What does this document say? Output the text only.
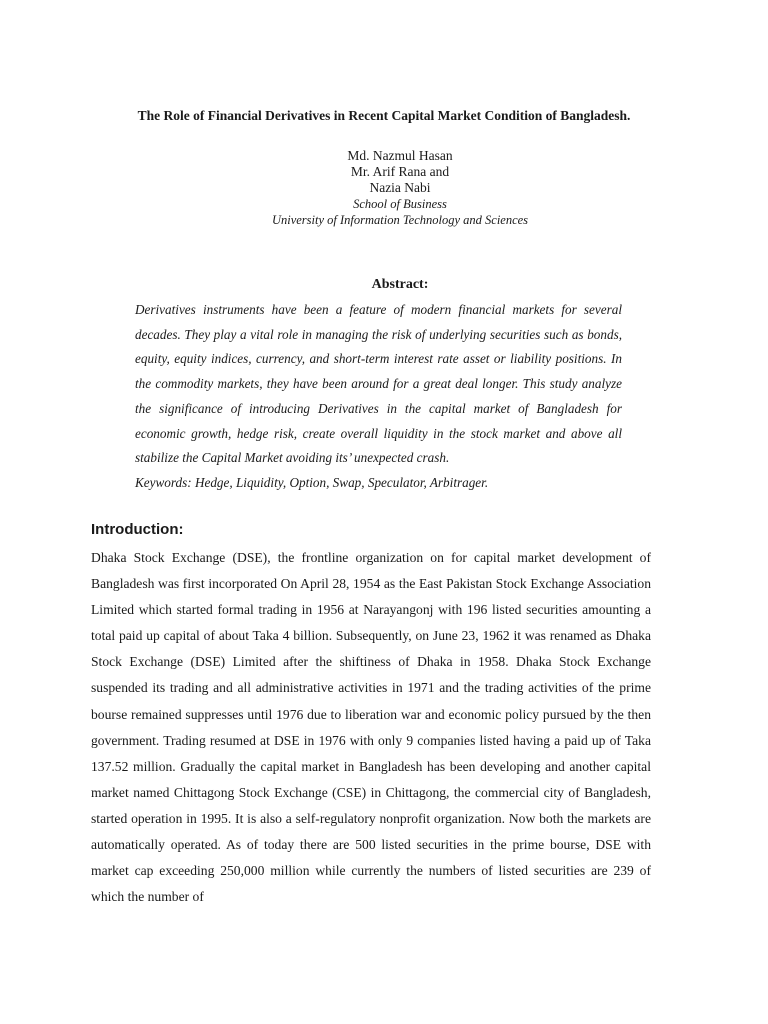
The Role of Financial Derivatives in Recent Capital Market Condition of Bangladesh.
Md. Nazmul Hasan
Mr. Arif Rana and
Nazia Nabi
School of Business
University of Information Technology and Sciences
Abstract:

Derivatives instruments have been a feature of modern financial markets for several decades. They play a vital role in managing the risk of underlying securities such as bonds, equity, equity indices, currency, and short-term interest rate asset or liability positions. In the commodity markets, they have been around for a great deal longer. This study analyze the significance of introducing Derivatives in the capital market of Bangladesh for economic growth, hedge risk, create overall liquidity in the stock market and above all stabilize the Capital Market avoiding its’ unexpected crash.

Keywords: Hedge, Liquidity, Option, Swap, Speculator, Arbitrager.

Introduction:

Dhaka Stock Exchange (DSE), the frontline organization on for capital market development of Bangladesh was first incorporated On April 28, 1954 as the East Pakistan Stock Exchange Association Limited which started formal trading in 1956 at Narayangonj with 196 listed securities amounting a total paid up capital of about Taka 4 billion. Subsequently, on June 23, 1962 it was renamed as Dhaka Stock Exchange (DSE) Limited after the shiftiness of Dhaka in 1958. Dhaka Stock Exchange suspended its trading and all administrative activities in 1971 and the trading activities of the prime bourse remained suppresses until 1976 due to liberation war and economic policy pursued by the then government. Trading resumed at DSE in 1976 with only 9 companies listed having a paid up of Taka 137.52 million. Gradually the capital market in Bangladesh has been developing and another capital market named Chittagong Stock Exchange (CSE) in Chittagong, the commercial city of Bangladesh, started operation in 1995. It is also a self-regulatory nonprofit organization. Now both the markets are automatically operated. As of today there are 500 listed securities in the prime bourse, DSE with market cap exceeding 250,000 million while currently the numbers of listed securities are 239 of which the number of
